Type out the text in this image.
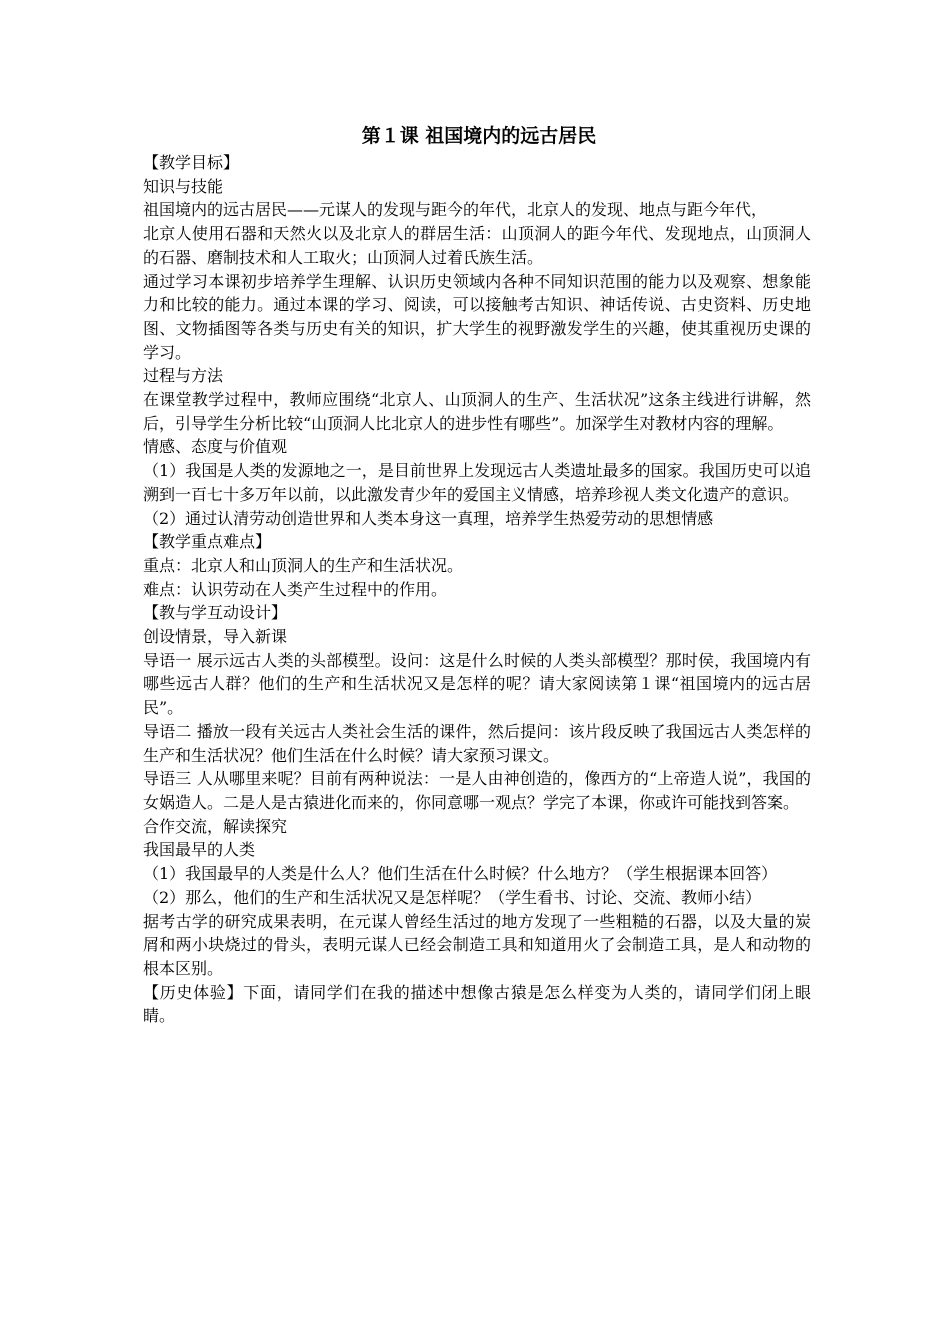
第１课 祖国境内的远古居民

【教学目标】

知识与技能

祖国境内的远古居民——元谋人的发现与距今的年代，北京人的发现、地点与距今年代，

北京人使用石器和天然火以及北京人的群居生活：山顶洞人的距今年代、发现地点，山顶洞人的石器、磨制技术和人工取火；山顶洞人过着氏族生活。

通过学习本课初步培养学生理解、认识历史领域内各种不同知识范围的能力以及观察、想象能力和比较的能力。通过本课的学习、阅读，可以接触考古知识、神话传说、古史资料、历史地图、文物插图等各类与历史有关的知识，扩大学生的视野激发学生的兴趣，使其重视历史课的学习。

过程与方法

在课堂教学过程中，教师应围绕“北京人、山顶洞人的生产、生活状况”这条主线进行讲解，然后，引导学生分析比较“山顶洞人比北京人的进步性有哪些”。加深学生对教材内容的理解。

情感、态度与价值观

（1）我国是人类的发源地之一，是目前世界上发现远古人类遗址最多的国家。我国历史可以追溯到一百七十多万年以前，以此激发青少年的爱国主义情感，培养珍视人类文化遗产的意识。

（2）通过认清劳动创造世界和人类本身这一真理，培养学生热爱劳动的思想情感

【教学重点难点】

重点：北京人和山顶洞人的生产和生活状况。

难点：认识劳动在人类产生过程中的作用。

【教与学互动设计】

创设情景，导入新课

导语一 展示远古人类的头部模型。设问：这是什么时候的人类头部模型？那时侯，我国境内有哪些远古人群？他们的生产和生活状况又是怎样的呢？请大家阅读第１课“祖国境内的远古居民”。

导语二 播放一段有关远古人类社会生活的课件，然后提问：该片段反映了我国远古人类怎样的生产和生活状况？他们生活在什么时候？请大家预习课文。

导语三 人从哪里来呢？目前有两种说法：一是人由神创造的，像西方的“上帝造人说”，我国的女娲造人。二是人是古猿进化而来的，你同意哪一观点？学完了本课，你或许可能找到答案。

合作交流，解读探究

我国最早的人类

（1）我国最早的人类是什么人？他们生活在什么时候？什么地方？（学生根据课本回答）

（2）那么，他们的生产和生活状况又是怎样呢？（学生看书、讨论、交流、教师小结）

据考古学的研究成果表明，在元谋人曾经生活过的地方发现了一些粗糙的石器，以及大量的炭屑和两小块烧过的骨头，表明元谋人已经会制造工具和知道用火了会制造工具，是人和动物的根本区别。

【历史体验】下面，请同学们在我的描述中想像古猿是怎么样变为人类的，请同学们闭上眼睛。
